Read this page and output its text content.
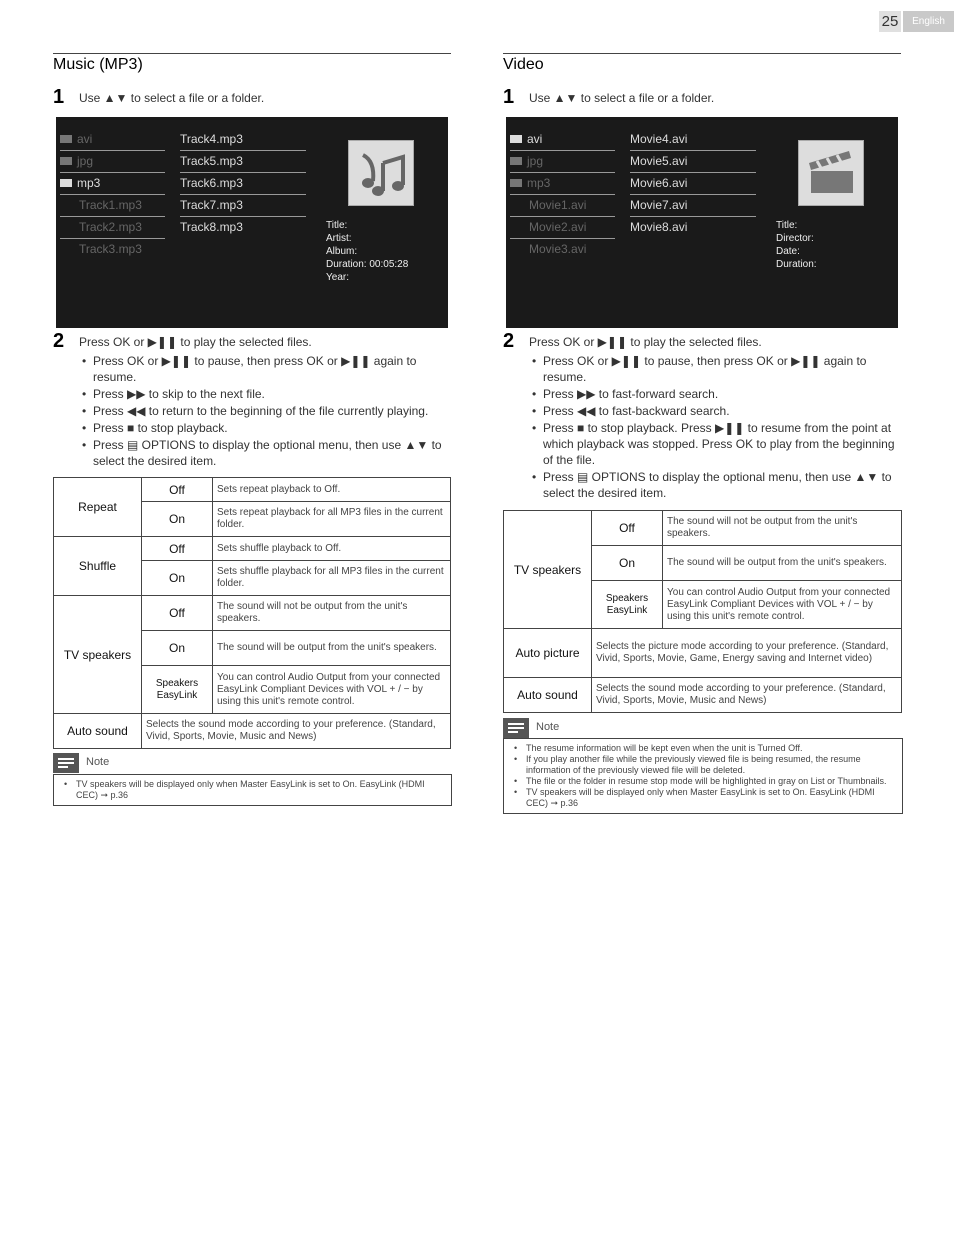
25	English
Music (MP3)
1 Use ▲▼ to select a file or a folder.
avi
jpg
mp3
Track1.mp3
Track2.mp3
Track3.mp3
Track4.mp3
Track5.mp3
Track6.mp3
Track7.mp3
Track8.mp3	Title:
Artist:
Album:
Duration: 00:05:28
Year:
2 Press OK or ▶❚❚ to play the selected files.
• Press OK or ▶❚❚ to pause, then press OK or ▶❚❚ again to resume.
• Press ▶▶ to skip to the next file.
• Press ◀◀ to return to the beginning of the file currently playing.
• Press ■ to stop playback.
• Press ▤ OPTIONS to display the optional menu, then use ▲▼ to select the desired item.
Repeat	Off	Sets repeat playback to Off.
	On	Sets repeat playback for all MP3 files in the current folder.
Shuffle	Off	Sets shuffle playback to Off.
	On	Sets shuffle playback for all MP3 files in the current folder.
TV speakers	Off	The sound will not be output from the unit's speakers.
	On	The sound will be output from the unit's speakers.
	Speakers EasyLink	You can control Audio Output from your connected EasyLink Compliant Devices with VOL + / − by using this unit's remote control.
Auto sound	Selects the sound mode according to your preference. (Standard, Vivid, Sports, Movie, Music and News)	
Note
• TV speakers will be displayed only when Master EasyLink is set to On. EasyLink (HDMI CEC) ➞ p.36
Video
1 Use ▲▼ to select a file or a folder.
avi
jpg
mp3
Movie1.avi
Movie2.avi
Movie3.avi
Movie4.avi
Movie5.avi
Movie6.avi
Movie7.avi
Movie8.avi	Title:
Director:
Date:
Duration:
2 Press OK or ▶❚❚ to play the selected files.
• Press OK or ▶❚❚ to pause, then press OK or ▶❚❚ again to resume.
• Press ▶▶ to fast-forward search.
• Press ◀◀ to fast-backward search.
• Press ■ to stop playback. Press ▶❚❚ to resume from the point at which playback was stopped. Press OK to play from the beginning of the file.
• Press ▤ OPTIONS to display the optional menu, then use ▲▼ to select the desired item.
TV speakers	Off	The sound will not be output from the unit's speakers.
	On	The sound will be output from the unit's speakers.
	Speakers EasyLink	You can control Audio Output from your connected EasyLink Compliant Devices with VOL + / − by using this unit's remote control.
Auto picture	Selects the picture mode according to your preference. (Standard, Vivid, Sports, Movie, Game, Energy saving and Internet video)	
Auto sound	Selects the sound mode according to your preference. (Standard, Vivid, Sports, Movie, Music and News)	
Note
• The resume information will be kept even when the unit is Turned Off.
• If you play another file while the previously viewed file is being resumed, the resume information of the previously viewed file will be deleted.
• The file or the folder in resume stop mode will be highlighted in gray on List or Thumbnails.
• TV speakers will be displayed only when Master EasyLink is set to On. EasyLink (HDMI CEC) ➞ p.36
